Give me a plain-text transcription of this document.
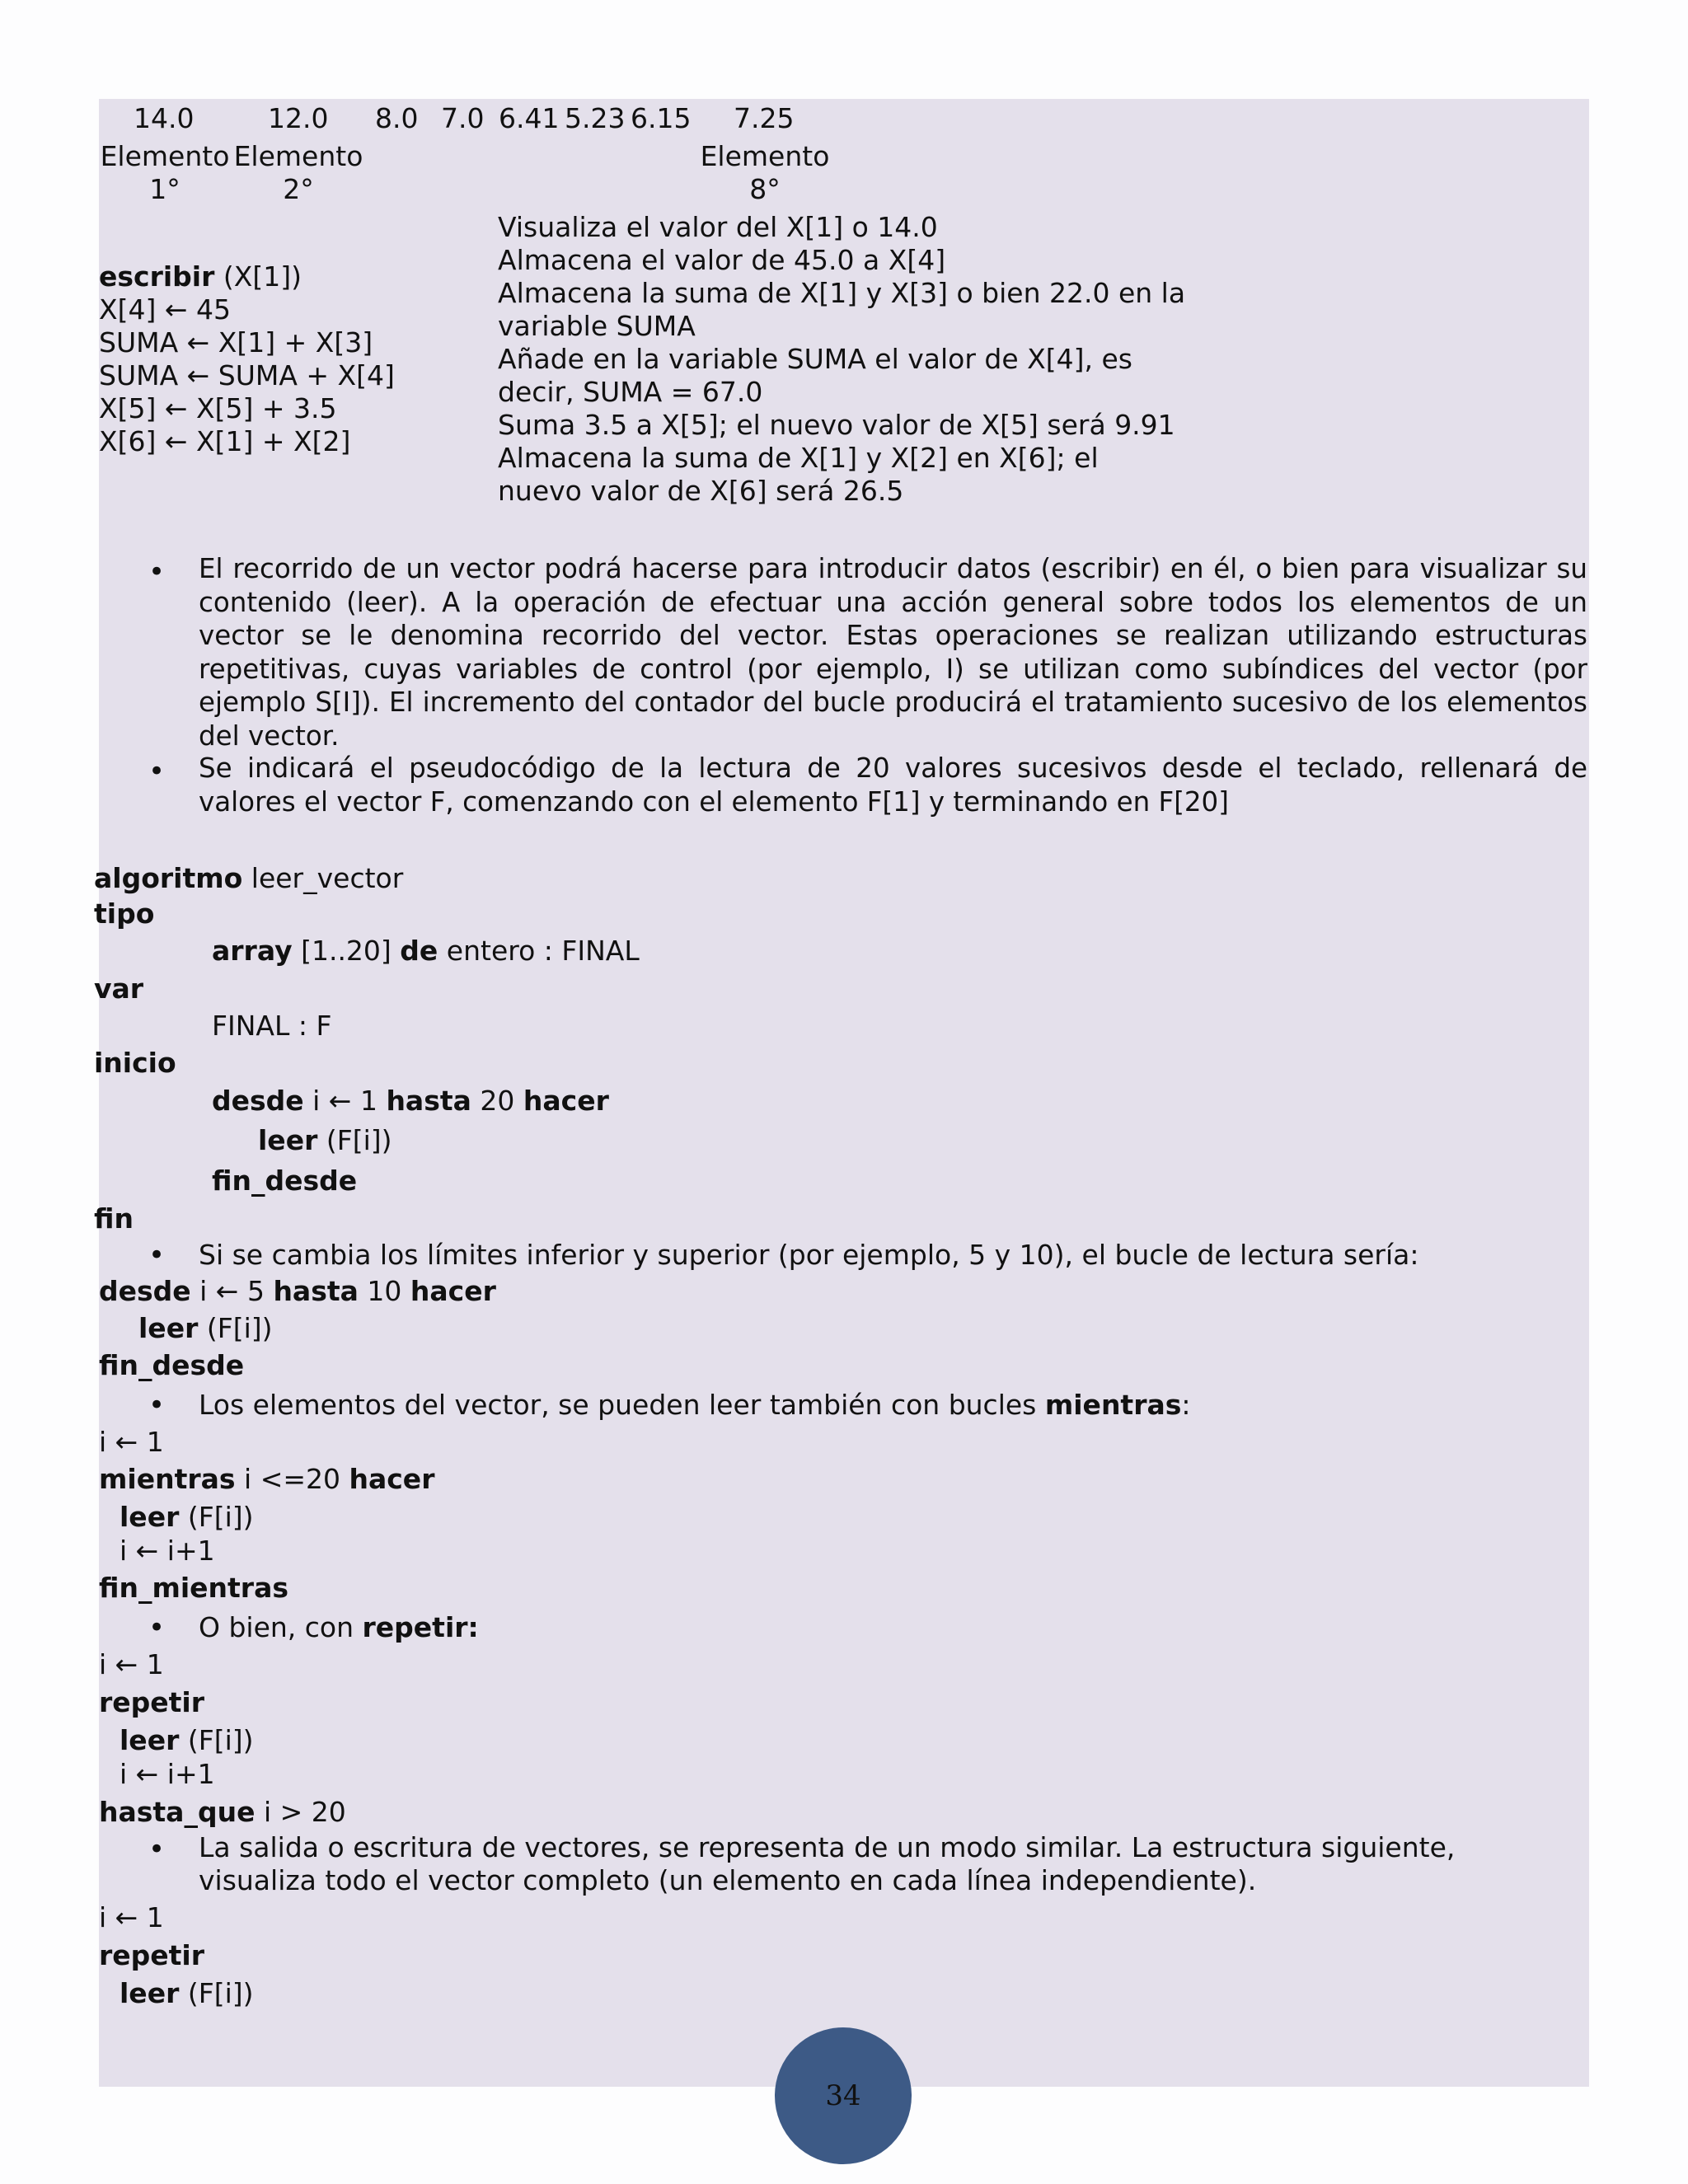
14.0	12.0 8.0 7.0 6.41 5.23 6.15 7.25
Elemento
1°
Elemento
2°
Elemento
8°
escribir (X[1])
X[4] ← 45
SUMA ← X[1] + X[3]
SUMA ← SUMA + X[4]
X[5] ← X[5] + 3.5
X[6] ← X[1] + X[2]
Visualiza el valor del X[1] o 14.0
Almacena el valor de 45.0 a X[4]
Almacena la suma de X[1] y X[3] o bien 22.0 en la
variable SUMA
Añade en la variable SUMA el valor de X[4], es
decir, SUMA = 67.0
Suma 3.5 a X[5]; el nuevo valor de X[5] será 9.91
Almacena la suma de X[1] y X[2] en X[6]; el
nuevo valor de X[6] será 26.5
• El recorrido de un vector podrá hacerse para introducir datos (escribir) en él, o bien para visualizar su contenido (leer). A la operación de efectuar una acción general sobre todos los elementos de un vector se le denomina recorrido del vector. Estas operaciones se realizan utilizando estructuras repetitivas, cuyas variables de control (por ejemplo, I) se utilizan como subíndices del vector (por ejemplo S[I]). El incremento del contador del bucle producirá el tratamiento sucesivo de los elementos del vector.
• Se indicará el pseudocódigo de la lectura de 20 valores sucesivos desde el teclado, rellenará de valores el vector F, comenzando con el elemento F[1] y terminando en F[20]
algoritmo leer_vector
tipo
array [1..20] de entero : FINAL
var
FINAL : F
inicio
desde i ← 1 hasta 20 hacer
leer (F[i])
fin_desde
fin
• Si se cambia los límites inferior y superior (por ejemplo, 5 y 10), el bucle de lectura sería:
desde i ← 5 hasta 10 hacer
leer (F[i])
fin_desde
• Los elementos del vector, se pueden leer también con bucles mientras:
i ← 1
mientras i <=20 hacer
leer (F[i])
i ← i+1
fin_mientras
• O bien, con repetir:
i ← 1
repetir
leer (F[i])
i ← i+1
hasta_que i > 20
• La salida o escritura de vectores, se representa de un modo similar. La estructura siguiente,
visualiza todo el vector completo (un elemento en cada línea independiente).
i ← 1
repetir
leer (F[i])
34
